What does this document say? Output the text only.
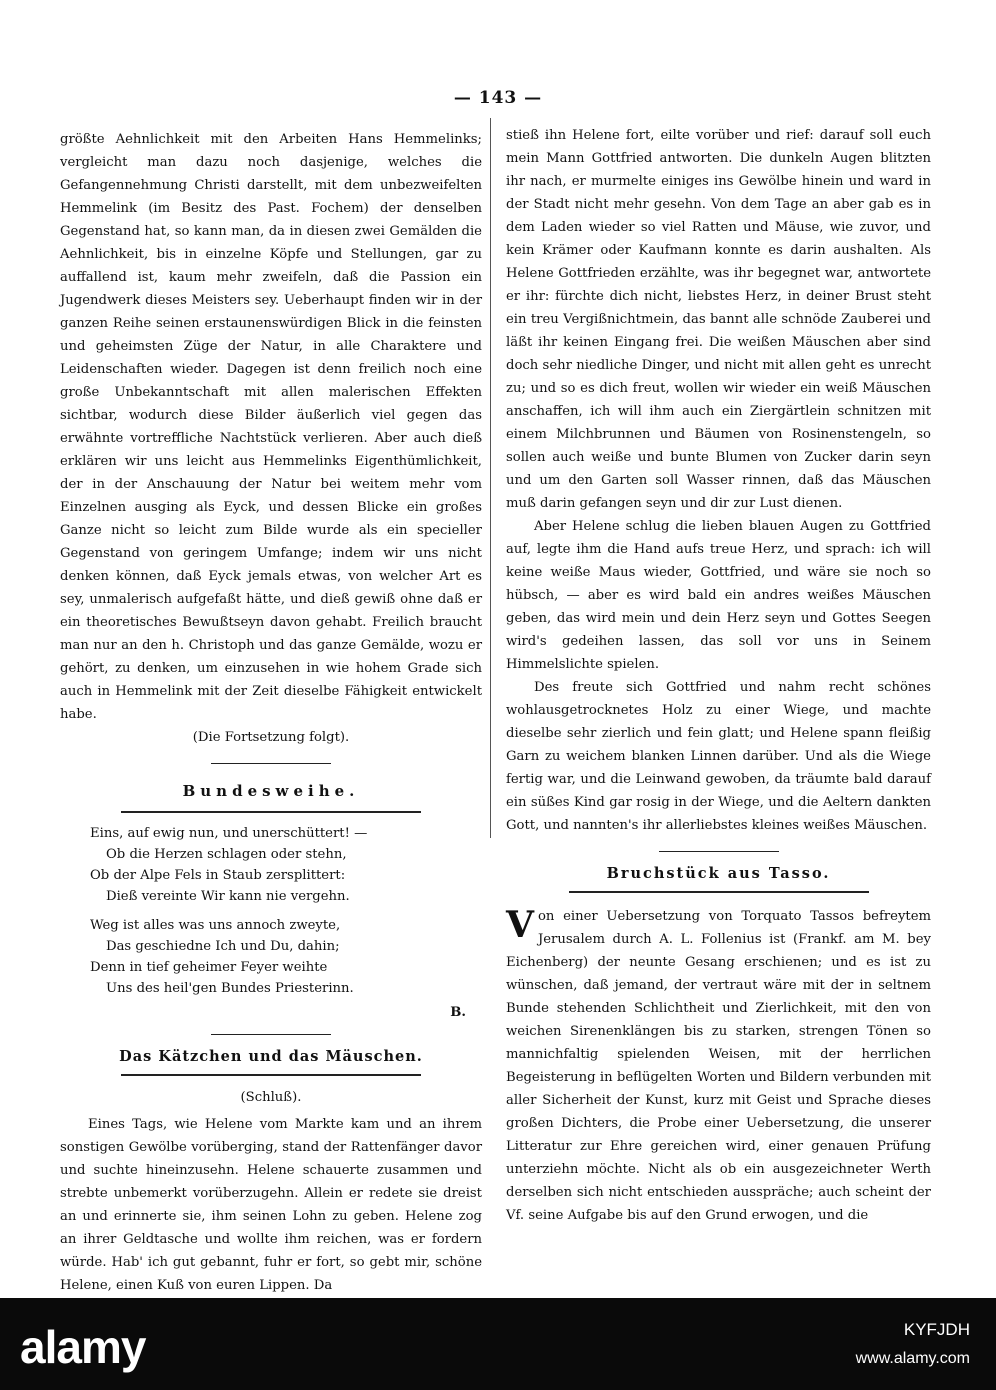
— 143 —

größte Aehnlichkeit mit den Arbeiten Hans Hemmelinks; vergleicht man dazu noch dasjenige, welches die Gefangennehmung Christi darstellt, mit dem unbezweifelten Hemmelink (im Besitz des Past. Fochem) der denselben Gegenstand hat, so kann man, da in diesen zwei Gemälden die Aehnlichkeit, bis in einzelne Köpfe und Stellungen, gar zu auffallend ist, kaum mehr zweifeln, daß die Passion ein Jugendwerk dieses Meisters sey. Ueberhaupt finden wir in der ganzen Reihe seinen erstaunenswürdigen Blick in die feinsten und geheimsten Züge der Natur, in alle Charaktere und Leidenschaften wieder. Dagegen ist denn freilich noch eine große Unbekanntschaft mit allen malerischen Effekten sichtbar, wodurch diese Bilder äußerlich viel gegen das erwähnte vortreffliche Nachtstück verlieren. Aber auch dieß erklären wir uns leicht aus Hemmelinks Eigenthümlichkeit, der in der Anschauung der Natur bei weitem mehr vom Einzelnen ausging als Eyck, und dessen Blicke ein großes Ganze nicht so leicht zum Bilde wurde als ein specieller Gegenstand von geringem Umfange; indem wir uns nicht denken können, daß Eyck jemals etwas, von welcher Art es sey, unmalerisch aufgefaßt hätte, und dieß gewiß ohne daß er ein theoretisches Bewußtseyn davon gehabt. Freilich braucht man nur an den h. Christoph und das ganze Gemälde, wozu er gehört, zu denken, um einzusehen in wie hohem Grade sich auch in Hemmelink mit der Zeit dieselbe Fähigkeit entwickelt habe.

(Die Fortsetzung folgt).

Bundesweihe.
Eins, auf ewig nun, und unerschüttert! —
Ob die Herzen schlagen oder stehn,
Ob der Alpe Fels in Staub zersplittert:
Dieß vereinte Wir kann nie vergehn.
Weg ist alles was uns annoch zweyte,
Das geschiedne Ich und Du, dahin;
Denn in tief geheimer Feyer weihte
Uns des heil'gen Bundes Priesterinn.
B.
Das Kätzchen und das Mäuschen.
(Schluß).

Eines Tags, wie Helene vom Markte kam und an ihrem sonstigen Gewölbe vorüberging, stand der Rattenfänger davor und suchte hineinzusehn. Helene schauerte zusammen und strebte unbemerkt vorüberzugehn. Allein er redete sie dreist an und erinnerte sie, ihm seinen Lohn zu geben. Helene zog an ihrer Geldtasche und wollte ihm reichen, was er fordern würde. Hab' ich gut gebannt, fuhr er fort, so gebt mir, schöne Helene, einen Kuß von euren Lippen. Da

stieß ihn Helene fort, eilte vorüber und rief: darauf soll euch mein Mann Gottfried antworten. Die dunkeln Augen blitzten ihr nach, er murmelte einiges ins Gewölbe hinein und ward in der Stadt nicht mehr gesehn. Von dem Tage an aber gab es in dem Laden wieder so viel Ratten und Mäuse, wie zuvor, und kein Krämer oder Kaufmann konnte es darin aushalten. Als Helene Gottfrieden erzählte, was ihr begegnet war, antwortete er ihr: fürchte dich nicht, liebstes Herz, in deiner Brust steht ein treu Vergißnichtmein, das bannt alle schnöde Zauberei und läßt ihr keinen Eingang frei. Die weißen Mäuschen aber sind doch sehr niedliche Dinger, und nicht mit allen geht es unrecht zu; und so es dich freut, wollen wir wieder ein weiß Mäuschen anschaffen, ich will ihm auch ein Ziergärtlein schnitzen mit einem Milchbrunnen und Bäumen von Rosinenstengeln, so sollen auch weiße und bunte Blumen von Zucker darin seyn und um den Garten soll Wasser rinnen, daß das Mäuschen muß darin gefangen seyn und dir zur Lust dienen.

Aber Helene schlug die lieben blauen Augen zu Gottfried auf, legte ihm die Hand aufs treue Herz, und sprach: ich will keine weiße Maus wieder, Gottfried, und wäre sie noch so hübsch, — aber es wird bald ein andres weißes Mäuschen geben, das wird mein und dein Herz seyn und Gottes Seegen wird's gedeihen lassen, das soll vor uns in Seinem Himmelslichte spielen.

Des freute sich Gottfried und nahm recht schönes wohlausgetrocknetes Holz zu einer Wiege, und machte dieselbe sehr zierlich und fein glatt; und Helene spann fleißig Garn zu weichem blanken Linnen darüber. Und als die Wiege fertig war, und die Leinwand gewoben, da träumte bald darauf ein süßes Kind gar rosig in der Wiege, und die Aeltern dankten Gott, und nannten's ihr allerliebstes kleines weißes Mäuschen.

Bruchstück aus Tasso.

Von einer Uebersetzung von Torquato Tassos befreytem Jerusalem durch A. L. Follenius ist (Frankf. am M. bey Eichenberg) der neunte Gesang erschienen; und es ist zu wünschen, daß jemand, der vertraut wäre mit der in seltnem Bunde stehenden Schlichtheit und Zierlichkeit, mit den von weichen Sirenenklängen bis zu starken, strengen Tönen so mannichfaltig spielenden Weisen, mit der herrlichen Begeisterung in beflügelten Worten und Bildern verbunden mit aller Sicherheit der Kunst, kurz mit Geist und Sprache dieses großen Dichters, die Probe einer Uebersetzung, die unserer Litteratur zur Ehre gereichen wird, einer genauen Prüfung unterziehn möchte. Nicht als ob ein ausgezeichneter Werth derselben sich nicht entschieden ausspräche; auch scheint der Vf. seine Aufgabe bis auf den Grund erwogen, und die

alamy	KYFJDH
www.alamy.com
